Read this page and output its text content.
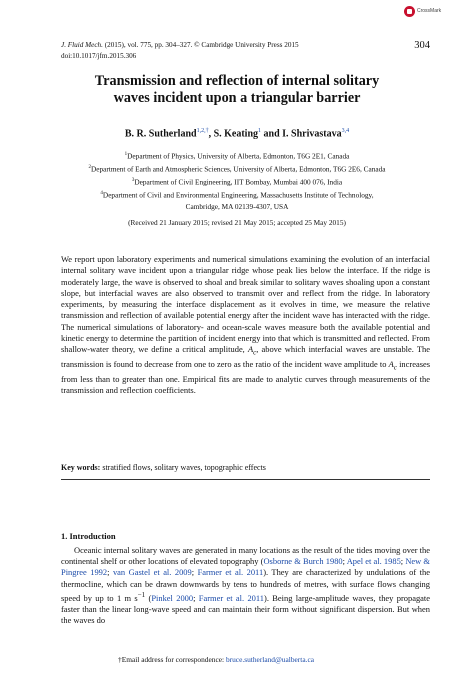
CrossMark
J. Fluid Mech. (2015), vol. 775, pp. 304–327. © Cambridge University Press 2015
doi:10.1017/jfm.2015.306
304
Transmission and reflection of internal solitary
waves incident upon a triangular barrier
B. R. Sutherland$^{1,2,\dagger}$, S. Keating$^1$ and I. Shrivastava$^{3,4}$
$^1$Department of Physics, University of Alberta, Edmonton, T6G 2E1, Canada
$^2$Department of Earth and Atmospheric Sciences, University of Alberta, Edmonton, T6G 2E6, Canada
$^3$Department of Civil Engineering, IIT Bombay, Mumbai 400 076, India
$^4$Department of Civil and Environmental Engineering, Massachusetts Institute of Technology,
Cambridge, MA 02139-4307, USA
(Received 21 January 2015; revised 21 May 2015; accepted 25 May 2015)

We report upon laboratory experiments and numerical simulations examining the evolution of an interfacial internal solitary wave incident upon a triangular ridge whose peak lies below the interface. If the ridge is moderately large, the wave is observed to shoal and break similar to solitary waves shoaling upon a constant slope, but interfacial waves are also observed to transmit over and reflect from the ridge. In laboratory experiments, by measuring the interface displacement as it evolves in time, we measure the relative transmission and reflection of available potential energy after the incident wave has interacted with the ridge. The numerical simulations of laboratory- and ocean-scale waves measure both the available potential and kinetic energy to determine the partition of incident energy into that which is transmitted and reflected. From shallow-water theory, we define a critical amplitude, $A_c$, above which interfacial waves are unstable. The transmission is found to decrease from one to zero as the ratio of the incident wave amplitude to $A_c$ increases from less than to greater than one. Empirical fits are made to analytic curves through measurements of the transmission and reflection coefficients.

Key words: stratified flows, solitary waves, topographic effects
1. Introduction

Oceanic internal solitary waves are generated in many locations as the result of the tides moving over the continental shelf or other locations of elevated topography (Osborne & Burch 1980; Apel et al. 1985; New & Pingree 1992; van Gastel et al. 2009; Farmer et al. 2011). They are characterized by undulations of the thermocline, which can be drawn downwards by tens to hundreds of metres, with surface flows changing speed by up to 1 m $s^{-1}$ (Pinkel 2000; Farmer et al. 2011). Being large-amplitude waves, they propagate faster than the linear long-wave speed and can maintain their form without significant dispersion. But when the waves do

†Email address for correspondence: bruce.sutherland@ualberta.ca
